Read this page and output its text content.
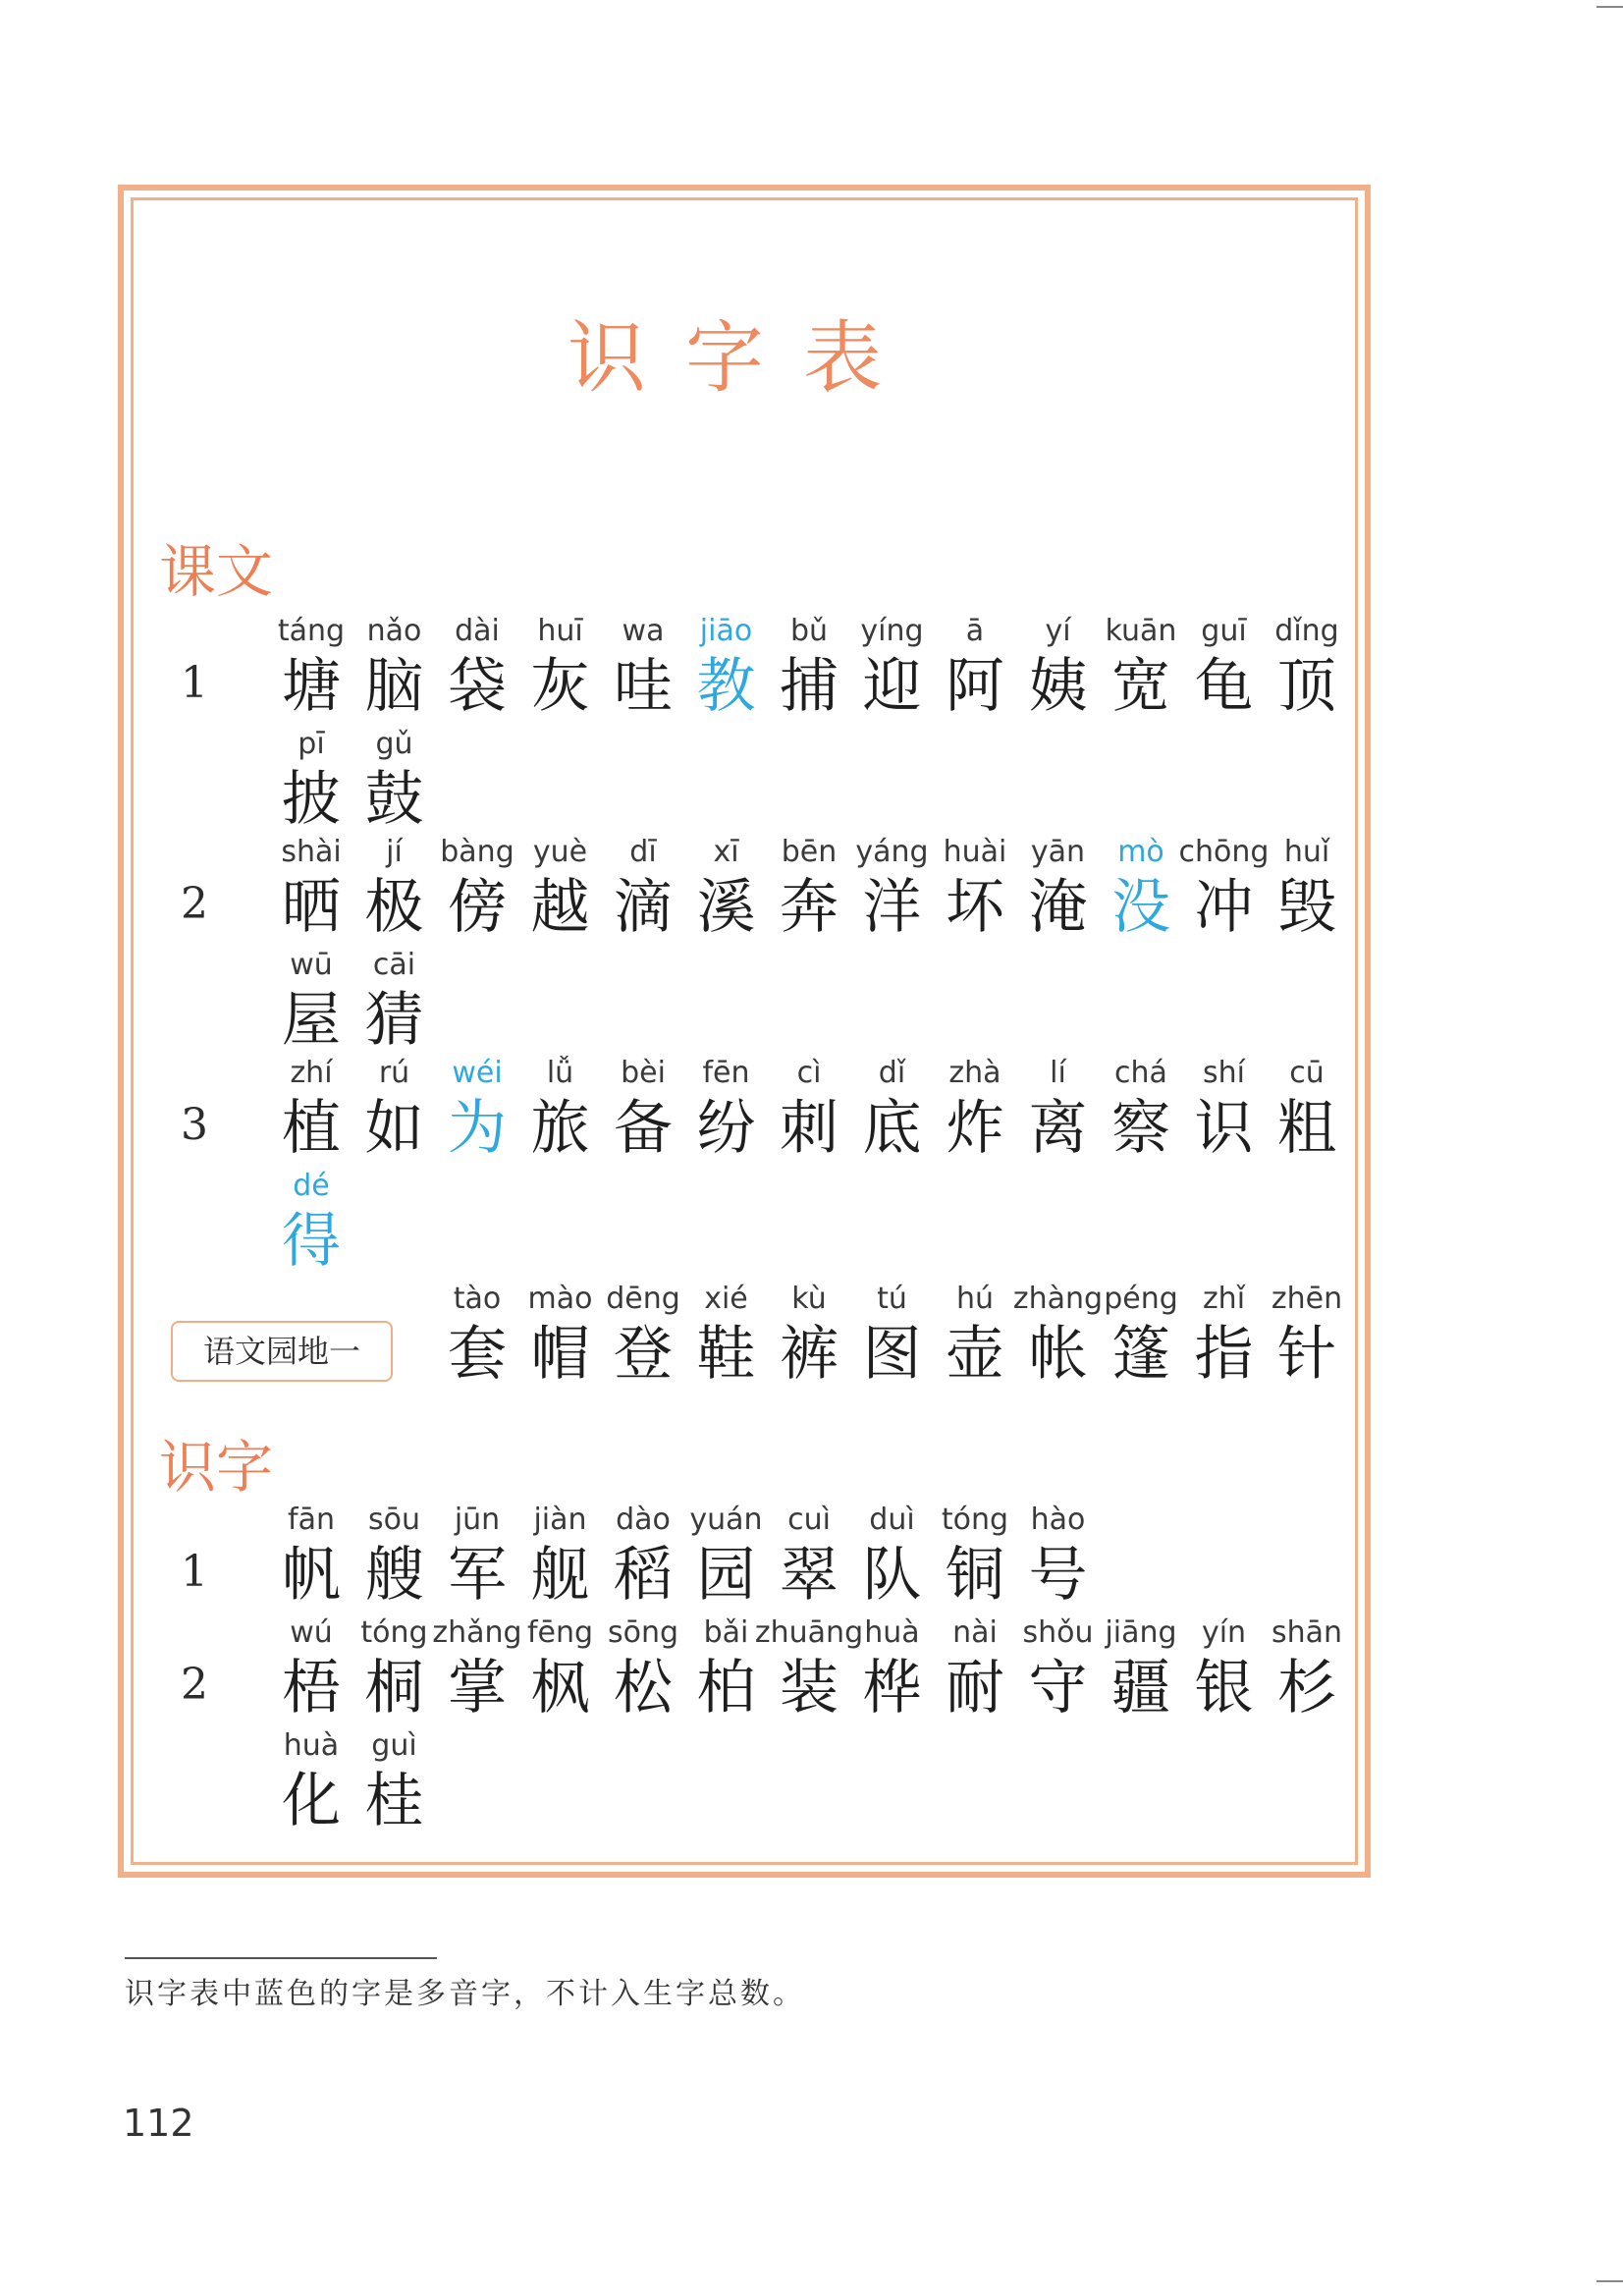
识字表
课文
识字
1
táng
塘
nǎo
脑
dài
袋
huī
灰
wa
哇
jiāo
教
bǔ
捕
yíng
迎
ā
阿
yí
姨
kuān
宽
guī
龟
dǐng
顶
pī
披
gǔ
鼓
2
shài
晒
jí
极
bàng
傍
yuè
越
dī
滴
xī
溪
bēn
奔
yáng
洋
huài
坏
yān
淹
mò
没
chōng
冲
huǐ
毁
wū
屋
cāi
猜
3
zhí
植
rú
如
wéi
为
lǚ
旅
bèi
备
fēn
纷
cì
刺
dǐ
底
zhà
炸
lí
离
chá
察
shí
识
cū
粗
dé
得
语文园地一
tào
套
mào
帽
dēng
登
xié
鞋
kù
裤
tú
图
hú
壶
zhàng
帐
péng
篷
zhǐ
指
zhēn
针
1
fān
帆
sōu
艘
jūn
军
jiàn
舰
dào
稻
yuán
园
cuì
翠
duì
队
tóng
铜
hào
号
2
wú
梧
tóng
桐
zhǎng
掌
fēng
枫
sōng
松
bǎi
柏
zhuāng
装
huà
桦
nài
耐
shǒu
守
jiāng
疆
yín
银
shān
杉
huà
化
guì
桂
识字表中蓝色的字是多音字，不计入生字总数。
112
